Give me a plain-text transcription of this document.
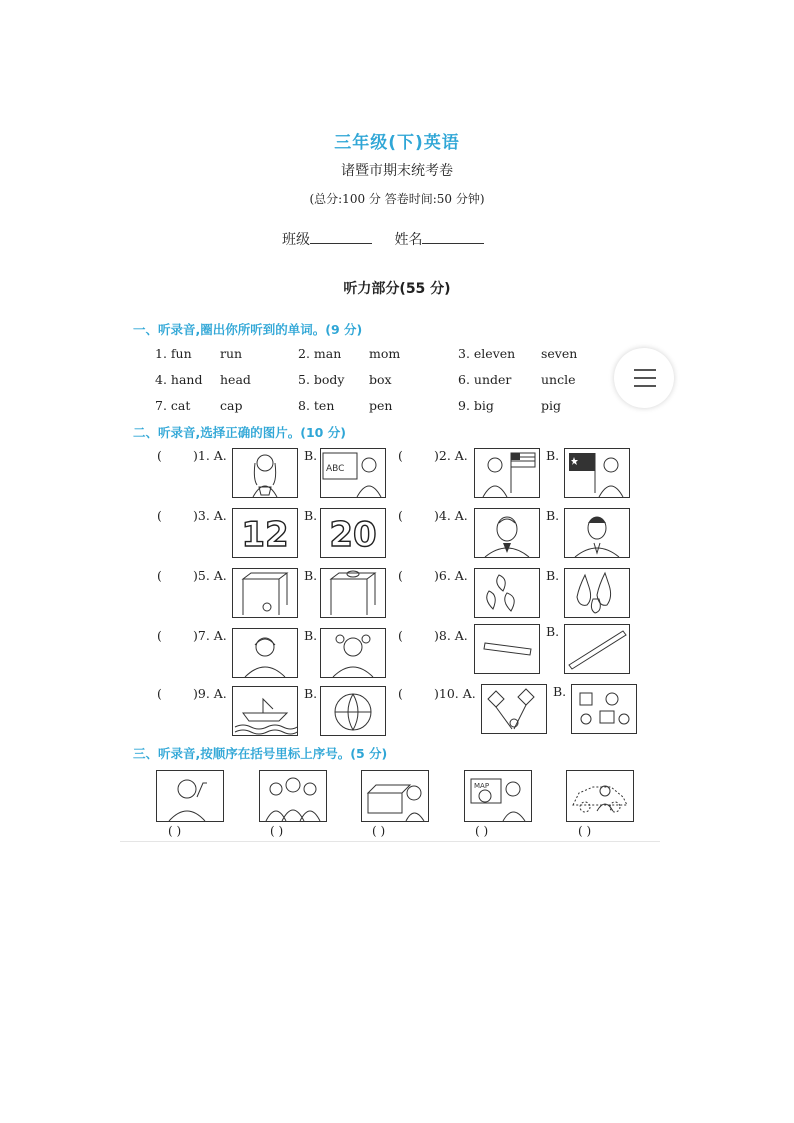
三年级(下)英语
诸暨市期末统考卷
(总分:100 分 答卷时间:50 分钟)
班级	姓名
听力部分(55 分)
一、听录音,圈出你所听到的单词。(9 分)
1. fun run	2. man mom	3. eleven seven
4. hand head	5. body box	6. under uncle
7. cat cap	8. ten	pen	9. big	pig
二、听录音,选择正确的图片。(10 分)
( )1. A.	B.
ABC
( )2. A.	B.
( )3. A. 12 B. 20 ( )4. A.	B.
( )5. A.	B.	( )6. A.	B.
( )7. A.	B.	( )8. A.	B.
( )9. A.	B.	( )10. A.	B.
三、听录音,按顺序在括号里标上序号。(5 分)
( )	( )	( )
MAP
( )	( )
